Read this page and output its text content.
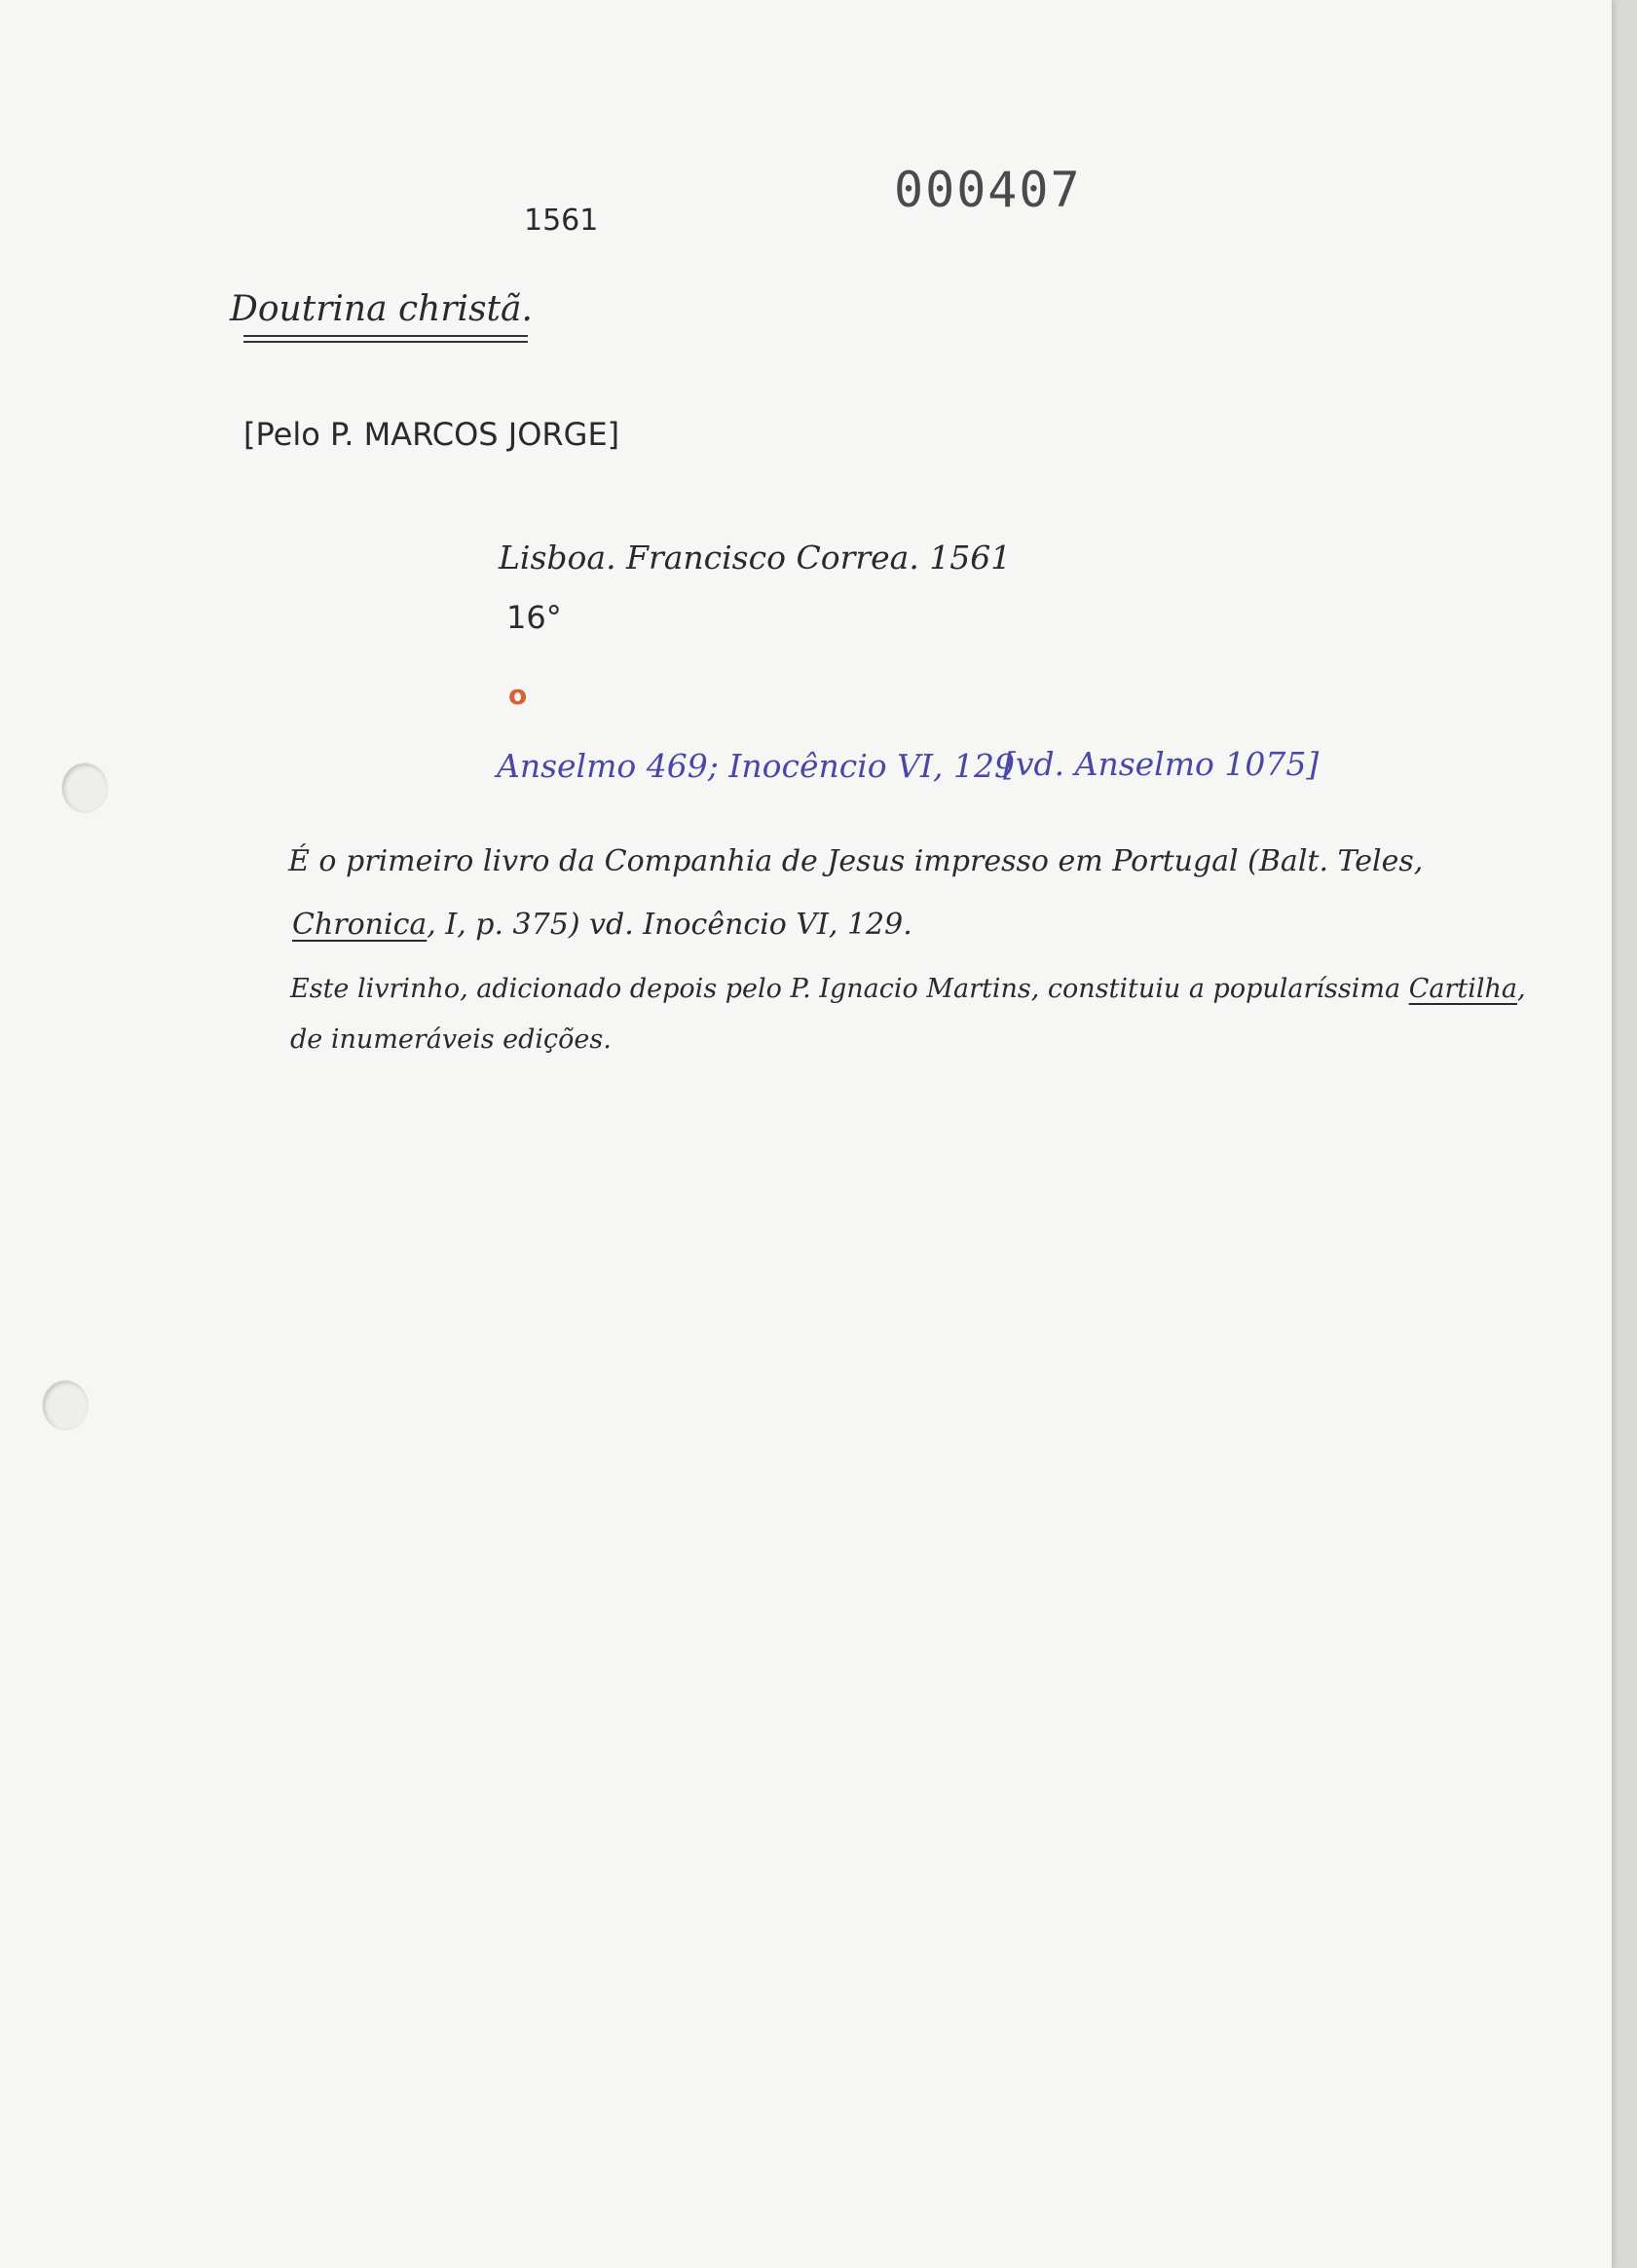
1561
000407
Doutrina christã.
[Pelo P. MARCOS JORGE]
Lisboa. Francisco Correa. 1561
16°
o
Anselmo 469; Inocêncio VI, 129
[vd. Anselmo 1075]
É o primeiro livro da Companhia de Jesus impresso em Portugal (Balt. Teles,
Chronica, I, p. 375) vd. Inocêncio VI, 129.
Este livrinho, adicionado depois pelo P. Ignacio Martins, constituiu a popularíssima Cartilha,
de inumeráveis edições.
